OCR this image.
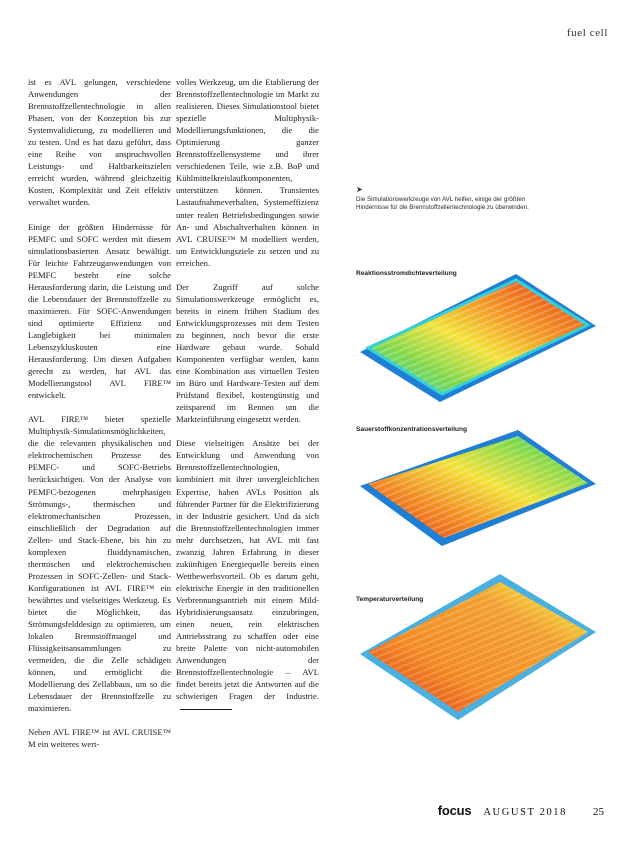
fuel cell

ist es AVL gelungen, verschiedene Anwendungen der Brennstoffzellentechnologie in allen Phasen, von der Konzeption bis zur Systemvalidierung, zu modellieren und zu testen. Und es hat dazu geführt, dass eine Reihe von anspruchsvollen Leistungs- und Haltbarkeitszielen erreicht wurden, während gleichzeitig Kosten, Komplexität und Zeit effektiv verwaltet wurden.

Einige der größten Hindernisse für PEMFC und SOFC werden mit diesem simulationsbasierten Ansatz bewältigt. Für leichte Fahrzeuganwendungen von PEMFC besteht eine solche Herausforderung darin, die Leistung und die Lebensdauer der Brennstoffzelle zu maximieren. Für SOFC-Anwendungen sind optimierte Effizienz und Langlebigkeit bei minimalen Lebenszykluskosten eine Herausforderung. Um diesen Aufgaben gerecht zu werden, hat AVL das Modellierungstool AVL FIRE™ entwickelt.

AVL FIRE™ bietet spezielle Multiphysik-Simulationsmöglichkeiten, die die relevanten physikalischen und elektrochemischen Prozesse des PEMFC- und SOFC-Betriebs berücksichtigen. Von der Analyse von PEMFC-bezogenen mehrphasigen Strömungs-, thermischen und elektromechanischen Prozessen, einschließlich der Degradation auf Zellen- und Stack-Ebene, bis hin zu komplexen fluiddynamischen, thermischen und elektrochemischen Prozessen in SOFC-Zellen- und Stack-Konfigurationen ist AVL FIRE™ ein bewährtes und vielseitiges Werkzeug. Es bietet die Möglichkeit, das Strömungsfelddesign zu optimieren, um lokalen Brennstoffmangel und Flüssigkeitsansammlungen zu vermeiden, die die Zelle schädigen können, und ermöglicht die Modellierung des Zellabbaus, um so die Lebensdauer der Brennstoffzelle zu maximieren.

Neben AVL FIRE™ ist AVL CRUISE™ M ein weiteres wert-

volles Werkzeug, um die Etablierung der Brennstoffzellentechnologie im Markt zu realisieren. Dieses Simulationstool bietet spezielle Multiphysik-Modellierungsfunktionen, die die Optimierung ganzer Brennstoffzellensysteme und ihrer verschiedenen Teile, wie z.B. BoP und Kühlmittelkreislaufkomponenten, unterstützen können. Transientes Lastaufnahmeverhalten, Systemeffizienz unter realen Betriebsbedingungen sowie An- und Abschaltverhalten können in AVL CRUISE™ M modelliert werden, um Entwicklungsziele zu setzen und zu erreichen.

Der Zugriff auf solche Simulationswerkzeuge ermöglicht es, bereits in einem frühen Stadium des Entwicklungsprozesses mit dem Testen zu beginnen, noch bevor die erste Hardware gebaut wurde. Sobald Komponenten verfügbar werden, kann eine Kombination aus virtuellen Testen im Büro und Hardware-Testen auf dem Prüfstand flexibel, kostengünstig und zeitsparend im Rennen um die Markteinführung eingesetzt werden.

Diese vielseitigen Ansätze bei der Entwicklung und Anwendung von Brennstoffzellentechnologien, kombiniert mit ihrer unvergleichlichen Expertise, haben AVLs Position als führender Partner für die Elektrifizierung in der Industrie gesichert. Und da sich die Brennstoffzellentechnologien immer mehr durchsetzen, hat AVL mit fast zwanzig Jahren Erfahrung in dieser zukünftigen Energiequelle bereits einen Wettbewerbsvorteil. Ob es darum geht, elektrische Energie in den traditionellen Verbrennungsantrieb mit einem Mild-Hybridisierungsansatz einzubringen, einen neuen, rein elektrischen Antriebsstrang zu schaffen oder eine breite Palette von nicht-automobilen Anwendungen der Brennstoffzellentechnologie – AVL findet bereits jetzt die Antworten auf die schwierigen Fragen der Industrie.

➤
Die Simulationswerkzeuge von AVL helfen, einige der größten Hindernisse für die Brennstoffzellentechnologie zu überwinden.
Reaktionsstromdichteverteilung
Sauerstoffkonzentrationsverteilung
Temperaturverteilung
focus AUGUST 2018 25
